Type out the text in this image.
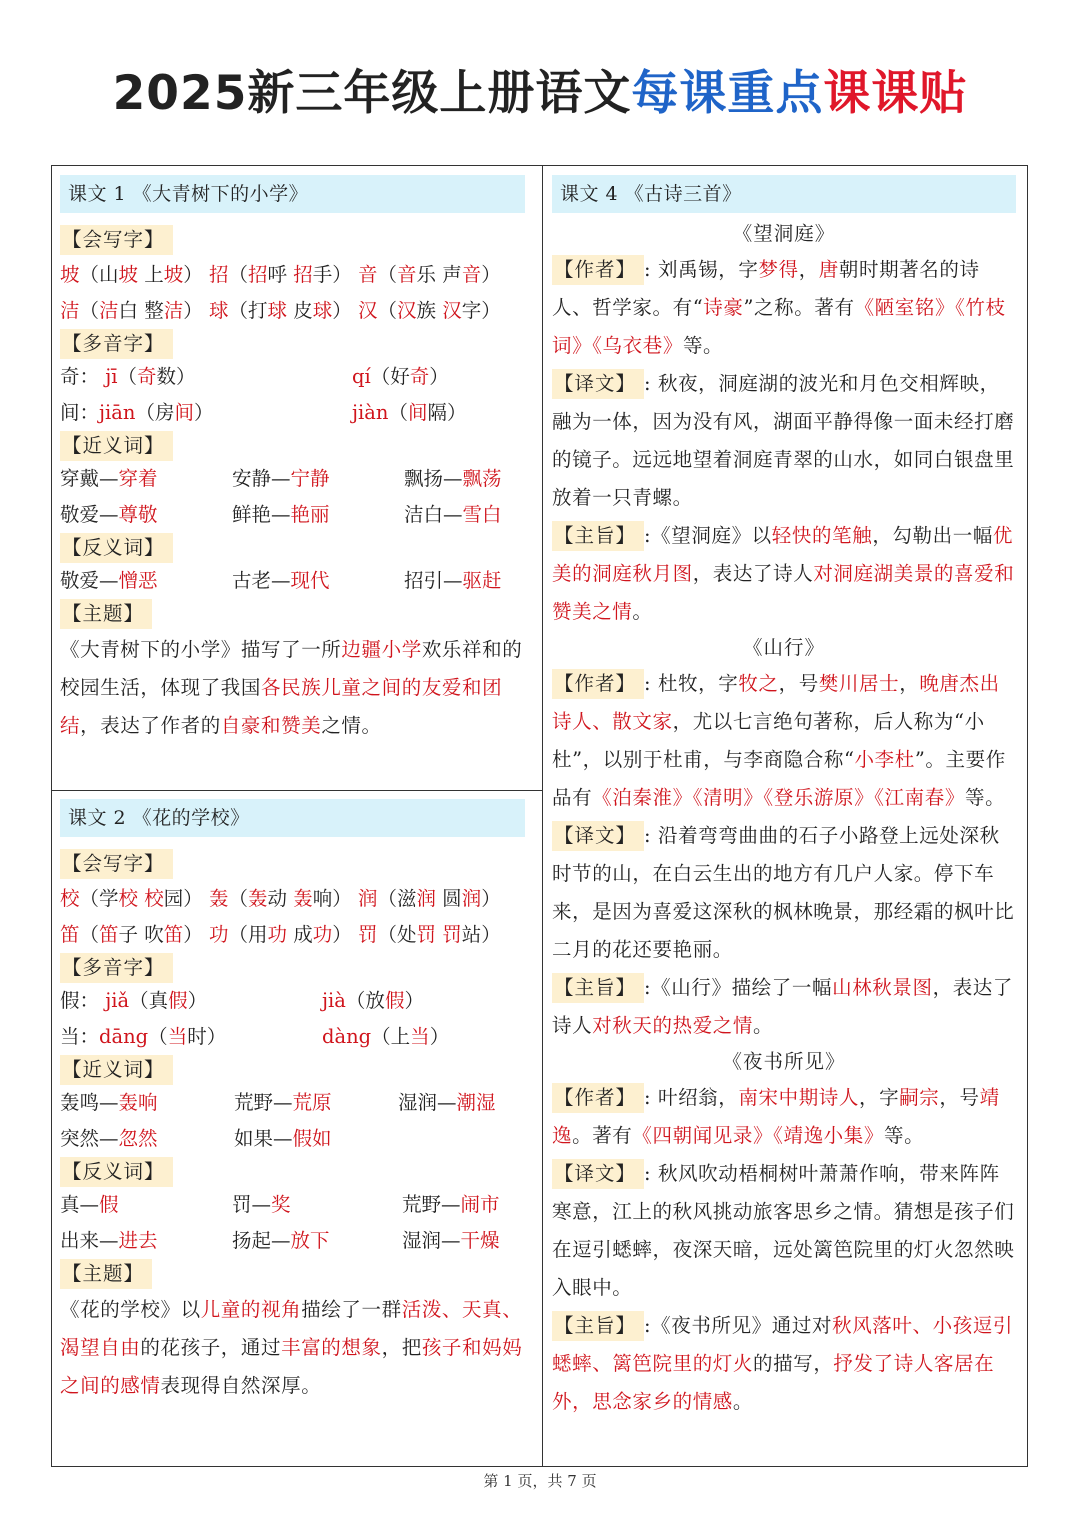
2025新三年级上册语文每课重点课课贴
课文 1 《大青树下的小学》
【会写字】
坡（山坡 上坡） 招（招呼 招手） 音（音乐 声音）
洁（洁白 整洁） 球（打球 皮球） 汉（汉族 汉字）
【多音字】
奇： jī（奇数）	qí（好奇）
间：jiān（房间）	jiàn（间隔）
【近义词】
穿戴—穿着	安静—宁静	飘扬—飘荡
敬爱—尊敬	鲜艳—艳丽	洁白—雪白
【反义词】
敬爱—憎恶	古老—现代	招引—驱赶
【主题】
《大青树下的小学》描写了一所边疆小学欢乐祥和的校园生活，体现了我国各民族儿童之间的友爱和团结，表达了作者的自豪和赞美之情。
课文 2 《花的学校》
【会写字】
校（学校 校园） 轰（轰动 轰响） 润（滋润 圆润）
笛（笛子 吹笛） 功（用功 成功） 罚（处罚 罚站）
【多音字】
假： jiǎ（真假）	jià（放假）
当：dāng（当时）	dàng（上当）
【近义词】
轰鸣—轰响	荒野—荒原	湿润—潮湿
突然—忽然	如果—假如
【反义词】
真—假	罚—奖	荒野—闹市
出来—进去	扬起—放下	湿润—干燥
【主题】
《花的学校》以儿童的视角描绘了一群活泼、天真、渴望自由的花孩子，通过丰富的想象，把孩子和妈妈之间的感情表现得自然深厚。
课文 4 《古诗三首》
《望洞庭》
【作者】 : 刘禹锡，字梦得，唐朝时期著名的诗人、哲学家。有“诗豪”之称。著有《陋室铭》《竹枝词》《乌衣巷》等。
【译文】 : 秋夜，洞庭湖的波光和月色交相辉映，融为一体，因为没有风，湖面平静得像一面未经打磨的镜子。远远地望着洞庭青翠的山水，如同白银盘里放着一只青螺。
【主旨】 :《望洞庭》以轻快的笔触，勾勒出一幅优美的洞庭秋月图，表达了诗人对洞庭湖美景的喜爱和赞美之情。
《山行》
【作者】 : 杜牧，字牧之，号樊川居士，晚唐杰出诗人、散文家，尤以七言绝句著称，后人称为“小杜”，以别于杜甫，与李商隐合称“小李杜”。主要作品有《泊秦淮》《清明》《登乐游原》《江南春》等。
【译文】 : 沿着弯弯曲曲的石子小路登上远处深秋时节的山，在白云生出的地方有几户人家。停下车来，是因为喜爱这深秋的枫林晚景，那经霜的枫叶比二月的花还要艳丽。
【主旨】 :《山行》描绘了一幅山林秋景图，表达了诗人对秋天的热爱之情。
《夜书所见》
【作者】 : 叶绍翁，南宋中期诗人，字嗣宗，号靖逸。著有《四朝闻见录》《靖逸小集》等。
【译文】 : 秋风吹动梧桐树叶萧萧作响，带来阵阵寒意，江上的秋风挑动旅客思乡之情。猜想是孩子们在逗引蟋蟀，夜深天暗，远处篱笆院里的灯火忽然映入眼中。
【主旨】 :《夜书所见》通过对秋风落叶、小孩逗引蟋蟀、篱笆院里的灯火的描写，抒发了诗人客居在外，思念家乡的情感。
第 1 页，共 7 页
